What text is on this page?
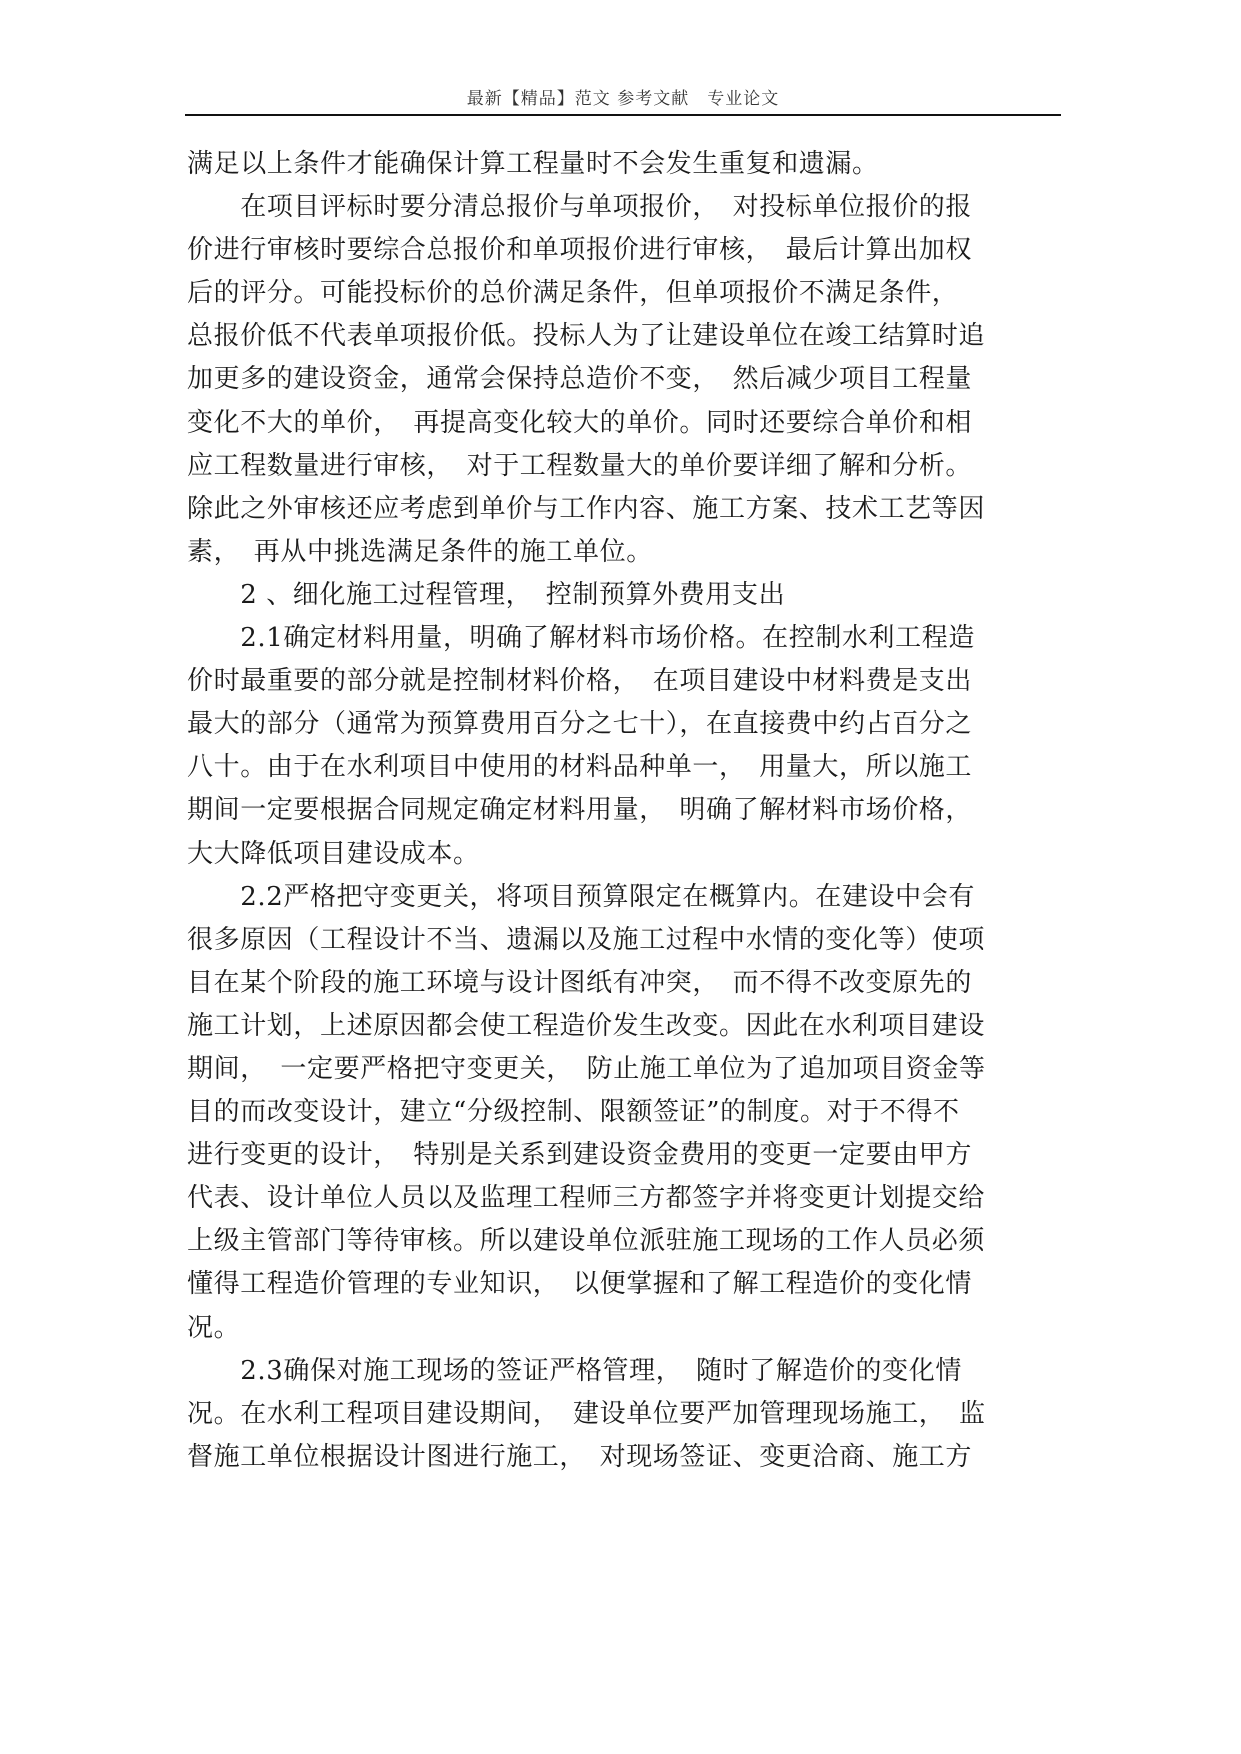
最新【精品】范文 参考文献　专业论文
满足以上条件才能确保计算工程量时不会发生重复和遗漏。
　　在项目评标时要分清总报价与单项报价，　对投标单位报价的报
价进行审核时要综合总报价和单项报价进行审核，　最后计算出加权
后的评分。可能投标价的总价满足条件，但单项报价不满足条件，
总报价低不代表单项报价低。投标人为了让建设单位在竣工结算时追
加更多的建设资金，通常会保持总造价不变，　然后减少项目工程量
变化不大的单价，　再提高变化较大的单价。同时还要综合单价和相
应工程数量进行审核，　对于工程数量大的单价要详细了解和分析。
除此之外审核还应考虑到单价与工作内容、施工方案、技术工艺等因
素，　再从中挑选满足条件的施工单位。
　　2 、细化施工过程管理，　控制预算外费用支出
　　2.1确定材料用量，明确了解材料市场价格。在控制水利工程造
价时最重要的部分就是控制材料价格，　在项目建设中材料费是支出
最大的部分（通常为预算费用百分之七十），在直接费中约占百分之
八十。由于在水利项目中使用的材料品种单一，　用量大，所以施工
期间一定要根据合同规定确定材料用量，　明确了解材料市场价格，
大大降低项目建设成本。
　　2.2严格把守变更关，将项目预算限定在概算内。在建设中会有
很多原因（工程设计不当、遗漏以及施工过程中水情的变化等）使项
目在某个阶段的施工环境与设计图纸有冲突，　而不得不改变原先的
施工计划，上述原因都会使工程造价发生改变。因此在水利项目建设
期间，　一定要严格把守变更关，　防止施工单位为了追加项目资金等
目的而改变设计，建立“分级控制、限额签证”的制度。对于不得不
进行变更的设计，　特别是关系到建设资金费用的变更一定要由甲方
代表、设计单位人员以及监理工程师三方都签字并将变更计划提交给
上级主管部门等待审核。所以建设单位派驻施工现场的工作人员必须
懂得工程造价管理的专业知识，　以便掌握和了解工程造价的变化情
况。
　　2.3确保对施工现场的签证严格管理，　随时了解造价的变化情
况。在水利工程项目建设期间，　建设单位要严加管理现场施工，　监
督施工单位根据设计图进行施工，　对现场签证、变更洽商、施工方
